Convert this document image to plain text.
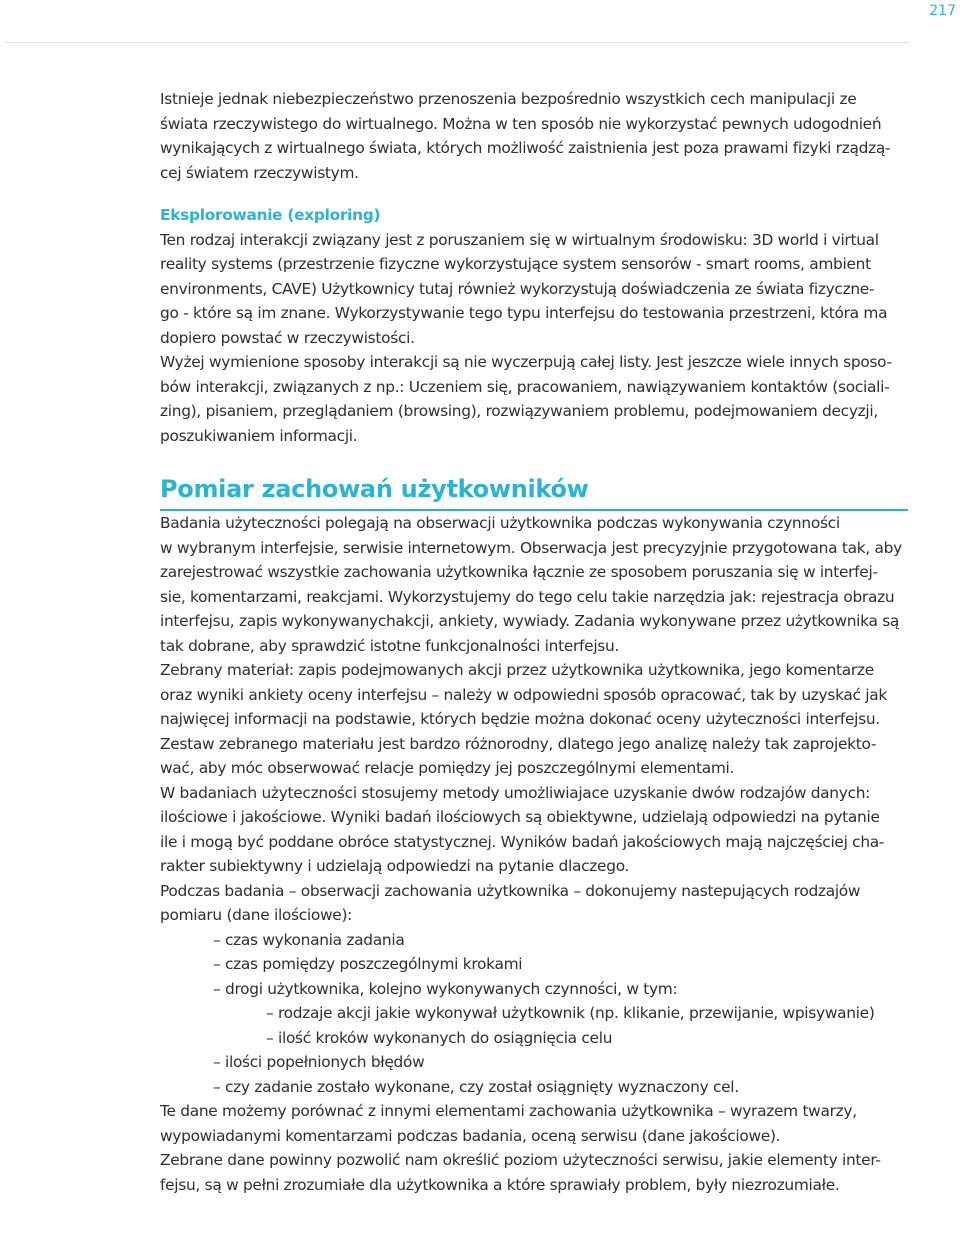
217

Istnieje jednak niebezpieczeństwo przenoszenia bezpośrednio wszystkich cech manipulacji ze
świata rzeczywistego do wirtualnego. Można w ten sposób nie wykorzystać pewnych udogodnień
wynikających z wirtualnego świata, których możliwość zaistnienia jest poza prawami fizyki rządzą-
cej światem rzeczywistym.

Eksplorowanie (exploring)

Ten rodzaj interakcji związany jest z poruszaniem się w wirtualnym środowisku: 3D world i virtual
reality systems (przestrzenie fizyczne wykorzystujące system sensorów - smart rooms, ambient
environments, CAVE) Użytkownicy tutaj również wykorzystują doświadczenia ze świata fizyczne-
go - które są im znane. Wykorzystywanie tego typu interfejsu do testowania przestrzeni, która ma
dopiero powstać w rzeczywistości.

Wyżej wymienione sposoby interakcji są nie wyczerpują całej listy. Jest jeszcze wiele innych sposo-
bów interakcji, związanych z np.: Uczeniem się, pracowaniem, nawiązywaniem kontaktów (sociali-
zing), pisaniem, przeglądaniem (browsing), rozwiązywaniem problemu, podejmowaniem decyzji,
poszukiwaniem informacji.

Pomiar zachowań użytkowników

Badania użyteczności polegają na obserwacji użytkownika podczas wykonywania czynności
w wybranym interfejsie, serwisie internetowym. Obserwacja jest precyzyjnie przygotowana tak, aby
zarejestrować wszystkie zachowania użytkownika łącznie ze sposobem poruszania się w interfej-
sie, komentarzami, reakcjami. Wykorzystujemy do tego celu takie narzędzia jak: rejestracja obrazu
interfejsu, zapis wykonywanychakcji, ankiety, wywiady. Zadania wykonywane przez użytkownika są
tak dobrane, aby sprawdzić istotne funkcjonalności interfejsu.
Zebrany materiał: zapis podejmowanych akcji przez użytkownika użytkownika, jego komentarze
oraz wyniki ankiety oceny interfejsu – należy w odpowiedni sposób opracować, tak by uzyskać jak
najwięcej informacji na podstawie, których będzie można dokonać oceny użyteczności interfejsu.
Zestaw zebranego materiału jest bardzo różnorodny, dlatego jego analizę należy tak zaprojekto-
wać, aby móc obserwować relacje pomiędzy jej poszczególnymi elementami.
W badaniach użyteczności stosujemy metody umożliwiajace uzyskanie dwów rodzajów danych:
ilościowe i jakościowe. Wyniki badań ilościowych są obiektywne, udzielają odpowiedzi na pytanie
ile i mogą być poddane obróce statystycznej. Wyników badań jakościowych mają najczęściej cha-
rakter subiektywny i udzielają odpowiedzi na pytanie dlaczego.
Podczas badania – obserwacji zachowania użytkownika – dokonujemy nastepujących rodzajów
pomiaru (dane ilościowe):

– czas wykonania zadania
– czas pomiędzy poszczególnymi krokami
– drogi użytkownika, kolejno wykonywanych czynności, w tym:
– rodzaje akcji jakie wykonywał użytkownik (np. klikanie, przewijanie, wpisywanie)
– ilość kroków wykonanych do osiągnięcia celu
– ilości popełnionych błędów
– czy zadanie zostało wykonane, czy został osiągnięty wyznaczony cel.

Te dane możemy porównać z innymi elementami zachowania użytkownika – wyrazem twarzy,
wypowiadanymi komentarzami podczas badania, oceną serwisu (dane jakościowe).
Zebrane dane powinny pozwolić nam określić poziom użyteczności serwisu, jakie elementy inter-
fejsu, są w pełni zrozumiałe dla użytkownika a które sprawiały problem, były niezrozumiałe.
